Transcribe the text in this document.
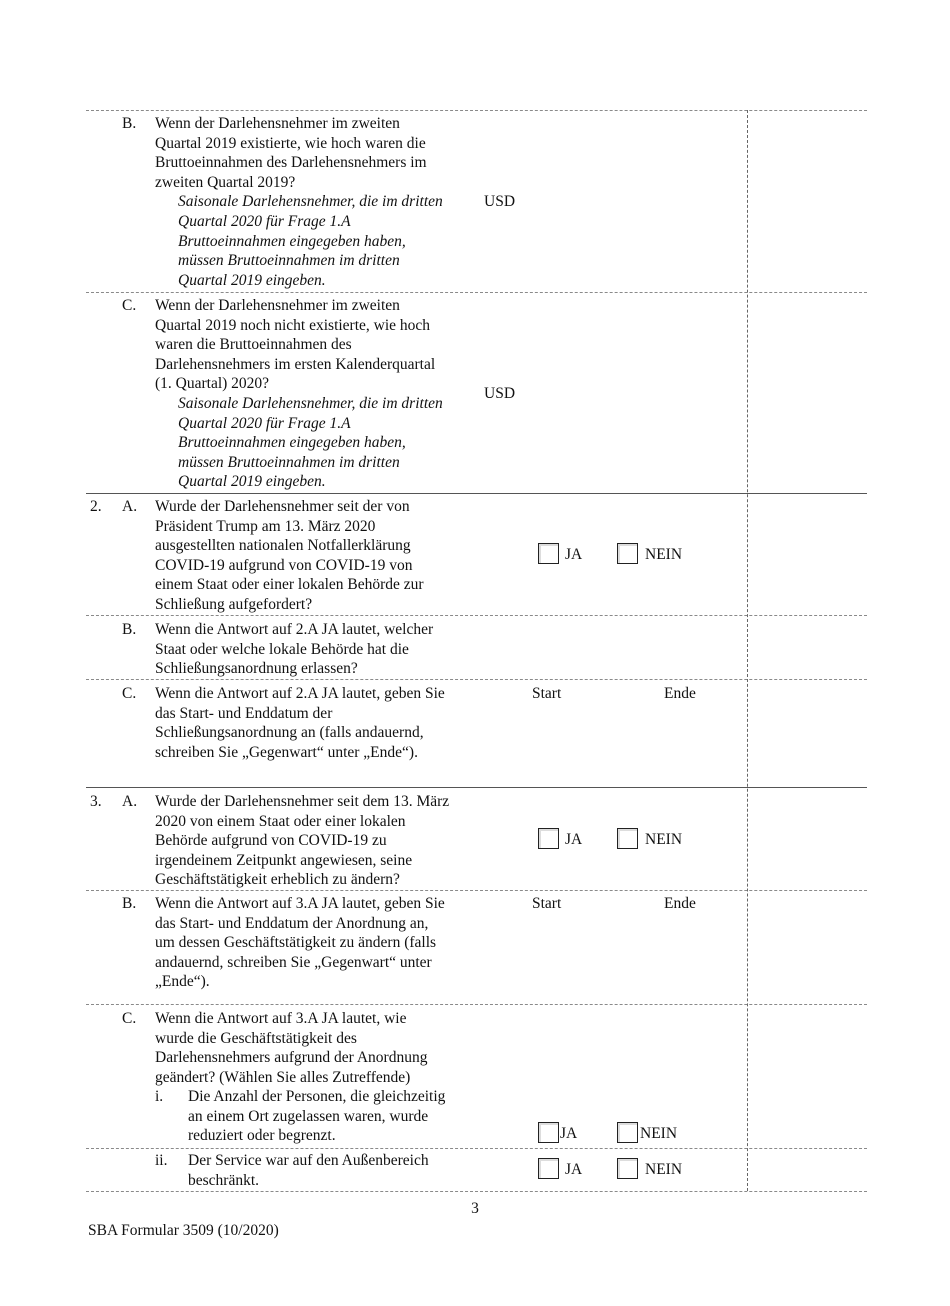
B. Wenn der Darlehensnehmer im zweiten
Quartal 2019 existierte, wie hoch waren die
Bruttoeinnahmen des Darlehensnehmers im
zweiten Quartal 2019?
Saisonale Darlehensnehmer, die im dritten
Quartal 2020 für Frage 1.A
Bruttoeinnahmen eingegeben haben,
müssen Bruttoeinnahmen im dritten
Quartal 2019 eingeben.
USD
C. Wenn der Darlehensnehmer im zweiten
Quartal 2019 noch nicht existierte, wie hoch
waren die Bruttoeinnahmen des
Darlehensnehmers im ersten Kalenderquartal
(1. Quartal) 2020?
Saisonale Darlehensnehmer, die im dritten
Quartal 2020 für Frage 1.A
Bruttoeinnahmen eingegeben haben,
müssen Bruttoeinnahmen im dritten
Quartal 2019 eingeben.
USD
2. A. Wurde der Darlehensnehmer seit der von
Präsident Trump am 13. März 2020
ausgestellten nationalen Notfallerklärung
COVID-19 aufgrund von COVID-19 von
einem Staat oder einer lokalen Behörde zur
Schließung aufgefordert?
JA	NEIN
B. Wenn die Antwort auf 2.A JA lautet, welcher
Staat oder welche lokale Behörde hat die
Schließungsanordnung erlassen?
C. Wenn die Antwort auf 2.A JA lautet, geben Sie
das Start- und Enddatum der
Schließungsanordnung an (falls andauernd,
schreiben Sie „Gegenwart“ unter „Ende“).
Start	Ende
3. A. Wurde der Darlehensnehmer seit dem 13. März
2020 von einem Staat oder einer lokalen
Behörde aufgrund von COVID-19 zu
irgendeinem Zeitpunkt angewiesen, seine
Geschäftstätigkeit erheblich zu ändern?
JA	NEIN
B. Wenn die Antwort auf 3.A JA lautet, geben Sie
das Start- und Enddatum der Anordnung an,
um dessen Geschäftstätigkeit zu ändern (falls
andauernd, schreiben Sie „Gegenwart“ unter
„Ende“).
Start	Ende
C. Wenn die Antwort auf 3.A JA lautet, wie
wurde die Geschäftstätigkeit des
Darlehensnehmers aufgrund der Anordnung
geändert? (Wählen Sie alles Zutreffende)
i.	Die Anzahl der Personen, die gleichzeitig
an einem Ort zugelassen waren, wurde
reduziert oder begrenzt.	JA	NEIN
ii.	Der Service war auf den Außenbereich
beschränkt.
JA	NEIN
3
SBA Formular 3509 (10/2020)
